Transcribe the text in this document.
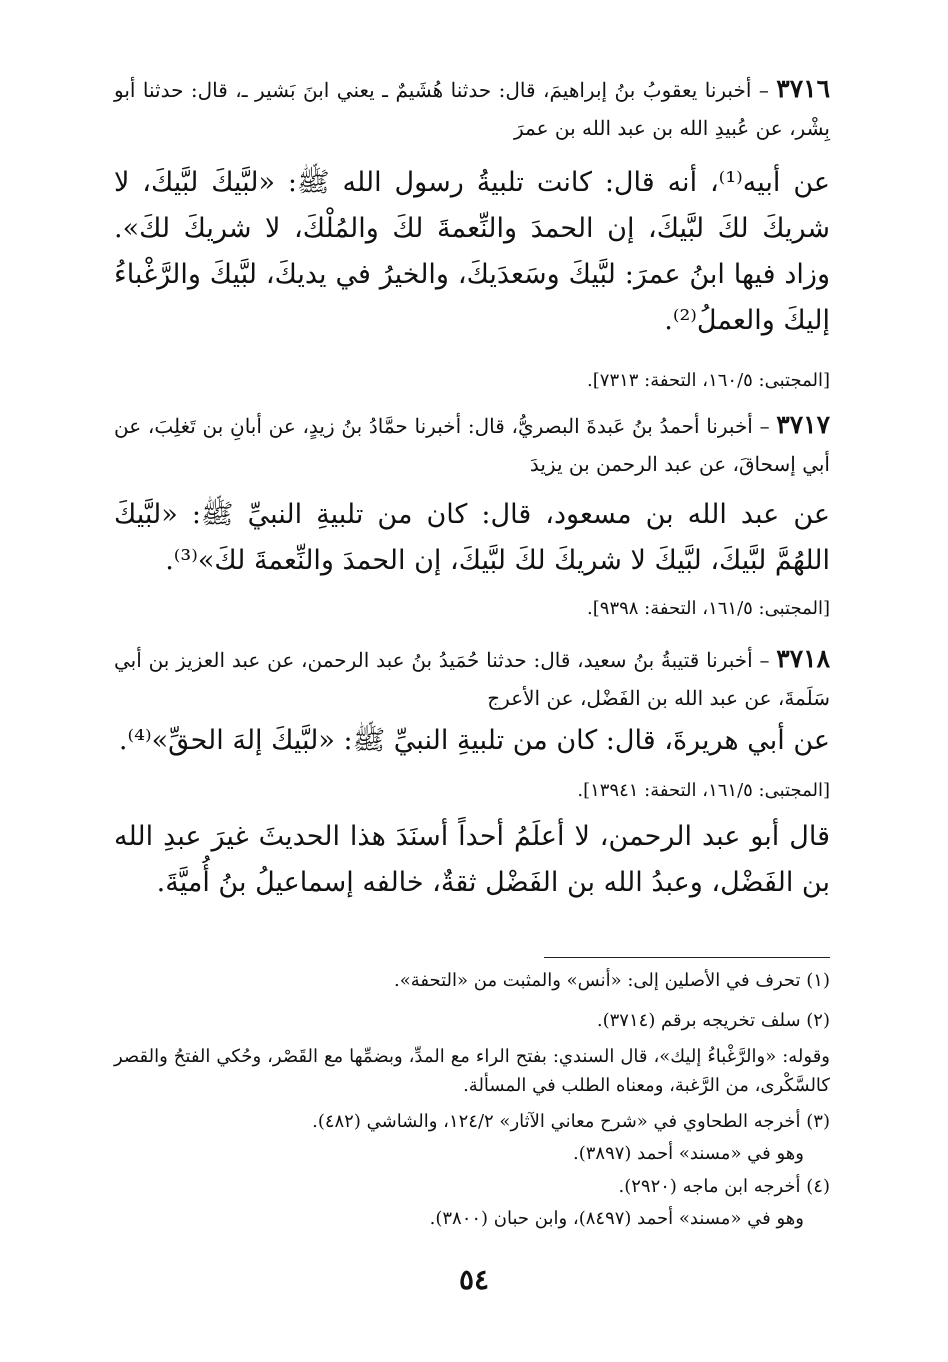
٣٧١٦ – أخبرنا يعقوبُ بنُ إبراهيمَ، قال: حدثنا هُشَيمٌ ـ يعني ابنَ بَشير ـ، قال: حدثنا أبو بِشْر، عن عُبيدِ الله بن عبد الله بن عمرَ
عن أبيه⁽¹⁾، أنه قال: كانت تلبيةُ رسول الله ﷺ: «لبَّيكَ لبَّيكَ، لا شريكَ لكَ لبَّيكَ، إن الحمدَ والنِّعمةَ لكَ والمُلْكَ، لا شريكَ لكَ». وزاد فيها ابنُ عمرَ: لبَّيكَ وسَعدَيكَ، والخيرُ في يديكَ، لبَّيكَ والرَّغْباءُ إليكَ والعملُ⁽²⁾.
[المجتبى: ١٦٠/٥، التحفة: ٧٣١٣].
٣٧١٧ – أخبرنا أحمدُ بنُ عَبدةَ البصريُّ، قال: أخبرنا حمَّادُ بنُ زيدٍ، عن أبانِ بن تَغلِبَ، عن أبي إسحاقَ، عن عبد الرحمن بن يزيدَ
عن عبد الله بن مسعود، قال: كان من تلبيةِ النبيِّ ﷺ: «لبَّيكَ اللهُمَّ لبَّيكَ، لبَّيكَ لا شريكَ لكَ لبَّيكَ، إن الحمدَ والنِّعمةَ لكَ»⁽³⁾.
[المجتبى: ١٦١/٥، التحفة: ٩٣٩٨].
٣٧١٨ – أخبرنا قتيبةُ بنُ سعيد، قال: حدثنا حُمَيدُ بنُ عبد الرحمن، عن عبد العزيز بن أبي سَلَمةَ، عن عبد الله بن الفَضْل، عن الأعرج
عن أبي هريرةَ، قال: كان من تلبيةِ النبيِّ ﷺ: «لبَّيكَ إلهَ الحقِّ»⁽⁴⁾.
[المجتبى: ١٦١/٥، التحفة: ١٣٩٤١].
قال أبو عبد الرحمن، لا أعلَمُ أحداً أسنَدَ هذا الحديثَ غيرَ عبدِ الله بن الفَضْل، وعبدُ الله بن الفَضْل ثقةٌ، خالفه إسماعيلُ بنُ أُميَّةَ.
(١) تحرف في الأصلين إلى: «أنس» والمثبت من «التحفة».
(٢) سلف تخريجه برقم (٣٧١٤).
وقوله: «والرَّغْباءُ إليك»، قال السندي: بفتح الراء مع المدِّ، وبضمِّها مع القَصْر، وحُكي الفتحُ والقصر كالسَّكْرى، من الرَّغبة، ومعناه الطلب في المسألة.
(٣) أخرجه الطحاوي في «شرح معاني الآثار» ١٢٤/٢، والشاشي (٤٨٢).
وهو في «مسند» أحمد (٣٨٩٧).
(٤) أخرجه ابن ماجه (٢٩٢٠).
وهو في «مسند» أحمد (٨٤٩٧)، وابن حبان (٣٨٠٠).
٥٤
